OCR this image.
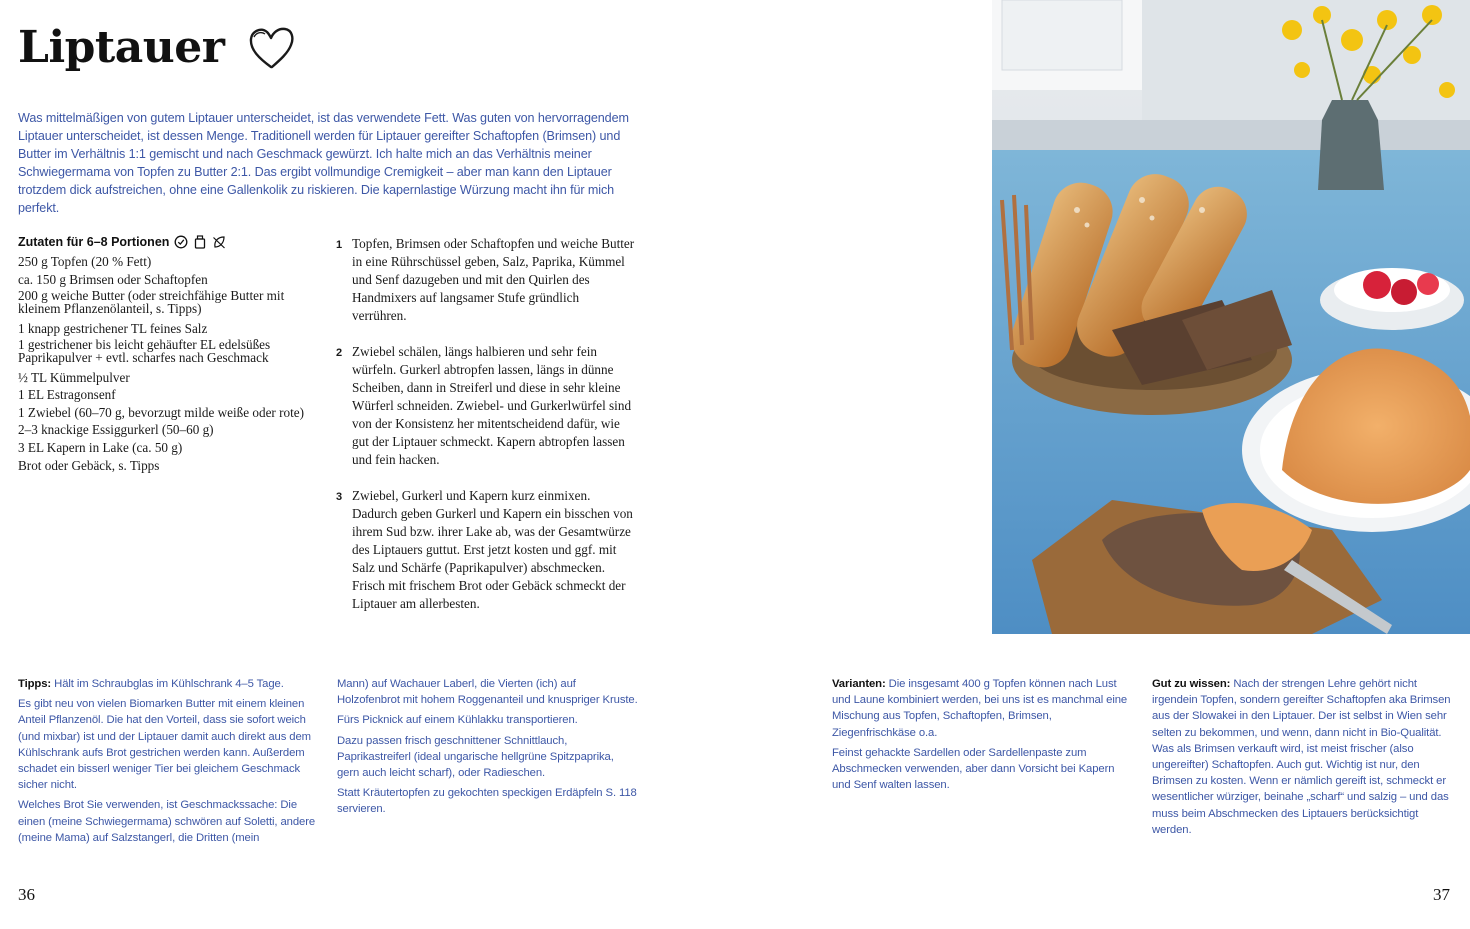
Liptauer
Was mittelmäßigen von gutem Liptauer unterscheidet, ist das verwendete Fett. Was guten von hervorragendem Liptauer unterscheidet, ist dessen Menge. Traditionell werden für Liptauer gereifter Schaftopfen (Brimsen) und Butter im Verhältnis 1:1 gemischt und nach Geschmack gewürzt. Ich halte mich an das Verhältnis meiner Schwiegermama von Topfen zu Butter 2:1. Das ergibt vollmundige Cremigkeit – aber man kann den Liptauer trotzdem dick aufstreichen, ohne eine Gallenkolik zu riskieren. Die kapernlastige Würzung macht ihn für mich perfekt.
Zutaten für 6–8 Portionen
250 g Topfen (20 % Fett)
ca. 150 g Brimsen oder Schaftopfen
200 g weiche Butter (oder streichfähige Butter mit kleinem Pflanzenölanteil, s. Tipps)
1 knapp gestrichener TL feines Salz
1 gestrichener bis leicht gehäufter EL edelsüßes Paprikapulver + evtl. scharfes nach Geschmack
½ TL Kümmelpulver
1 EL Estragonsenf
1 Zwiebel (60–70 g, bevorzugt milde weiße oder rote)
2–3 knackige Essiggurkerl (50–60 g)
3 EL Kapern in Lake (ca. 50 g)
Brot oder Gebäck, s. Tipps
1 Topfen, Brimsen oder Schaftopfen und weiche Butter in eine Rührschüssel geben, Salz, Paprika, Kümmel und Senf dazugeben und mit den Quirlen des Handmixers auf langsamer Stufe gründlich verrühren.
2 Zwiebel schälen, längs halbieren und sehr fein würfeln. Gurkerl abtropfen lassen, längs in dünne Scheiben, dann in Streiferl und diese in sehr kleine Würferl schneiden. Zwiebel- und Gurkerlwürfel sind von der Konsistenz her mitentscheidend dafür, wie gut der Liptauer schmeckt. Kapern abtropfen lassen und fein hacken.
3 Zwiebel, Gurkerl und Kapern kurz einmixen. Dadurch geben Gurkerl und Kapern ein bisschen von ihrem Sud bzw. ihrer Lake ab, was der Gesamtwürze des Liptauers guttut. Erst jetzt kosten und ggf. mit Salz und Schärfe (Paprikapulver) abschmecken. Frisch mit frischem Brot oder Gebäck schmeckt der Liptauer am allerbesten.

Tipps: Hält im Schraubglas im Kühlschrank 4–5 Tage.

Es gibt neu von vielen Biomarken Butter mit einem kleinen Anteil Pflanzenöl. Die hat den Vorteil, dass sie sofort weich (und mixbar) ist und der Liptauer damit auch direkt aus dem Kühlschrank aufs Brot gestrichen werden kann. Außerdem schadet ein bisserl weniger Tier bei gleichem Geschmack sicher nicht.

Welches Brot Sie verwenden, ist Geschmackssache: Die einen (meine Schwiegermama) schwören auf Soletti, andere (meine Mama) auf Salzstangerl, die Dritten (mein

Mann) auf Wachauer Laberl, die Vierten (ich) auf Holzofenbrot mit hohem Roggenanteil und knuspriger Kruste.

Fürs Picknick auf einem Kühlakku transportieren.

Dazu passen frisch geschnittener Schnittlauch, Paprikastreiferl (ideal ungarische hellgrüne Spitzpaprika, gern auch leicht scharf), oder Radieschen.

Statt Kräutertopfen zu gekochten speckigen Erdäpfeln S. 118 servieren.

Varianten: Die insgesamt 400 g Topfen können nach Lust und Laune kombiniert werden, bei uns ist es manchmal eine Mischung aus Topfen, Schaftopfen, Brimsen, Ziegenfrischkäse o.a.

Feinst gehackte Sardellen oder Sardellenpaste zum Abschmecken verwenden, aber dann Vorsicht bei Kapern und Senf walten lassen.

Gut zu wissen: Nach der strengen Lehre gehört nicht irgendein Topfen, sondern gereifter Schaftopfen aka Brimsen aus der Slowakei in den Liptauer. Der ist selbst in Wien sehr selten zu bekommen, und wenn, dann nicht in Bio-Qualität. Was als Brimsen verkauft wird, ist meist frischer (also ungereifter) Schaftopfen. Auch gut. Wichtig ist nur, den Brimsen zu kosten. Wenn er nämlich gereift ist, schmeckt er wesentlicher würziger, beinahe „scharf“ und salzig – und das muss beim Abschmecken des Liptauers berücksichtigt werden.

36	37
